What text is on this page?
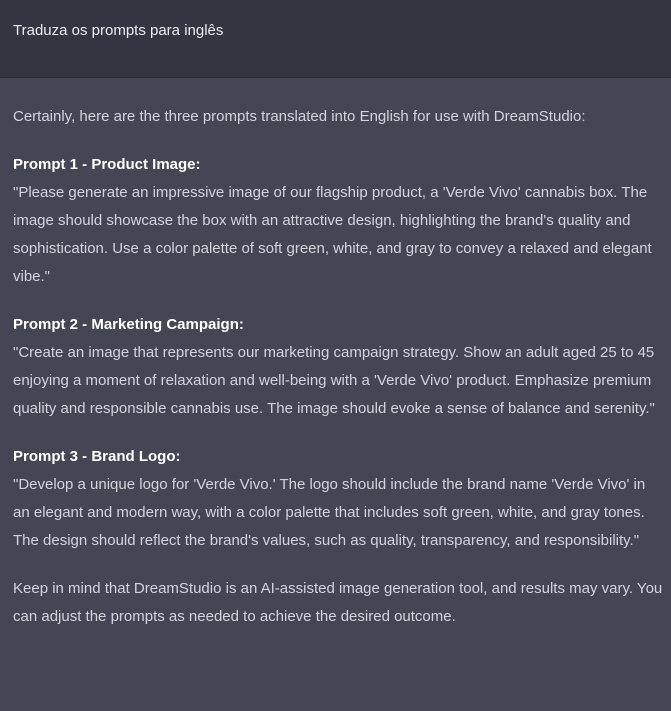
Traduza os prompts para inglês

Certainly, here are the three prompts translated into English for use with DreamStudio:

Prompt 1 - Product Image:
"Please generate an impressive image of our flagship product, a 'Verde Vivo' cannabis box. The image should showcase the box with an attractive design, highlighting the brand's quality and sophistication. Use a color palette of soft green, white, and gray to convey a relaxed and elegant vibe."
Prompt 2 - Marketing Campaign:
"Create an image that represents our marketing campaign strategy. Show an adult aged 25 to 45 enjoying a moment of relaxation and well-being with a 'Verde Vivo' product. Emphasize premium quality and responsible cannabis use. The image should evoke a sense of balance and serenity."
Prompt 3 - Brand Logo:
"Develop a unique logo for 'Verde Vivo.' The logo should include the brand name 'Verde Vivo' in an elegant and modern way, with a color palette that includes soft green, white, and gray tones. The design should reflect the brand's values, such as quality, transparency, and responsibility."

Keep in mind that DreamStudio is an AI-assisted image generation tool, and results may vary. You can adjust the prompts as needed to achieve the desired outcome.
